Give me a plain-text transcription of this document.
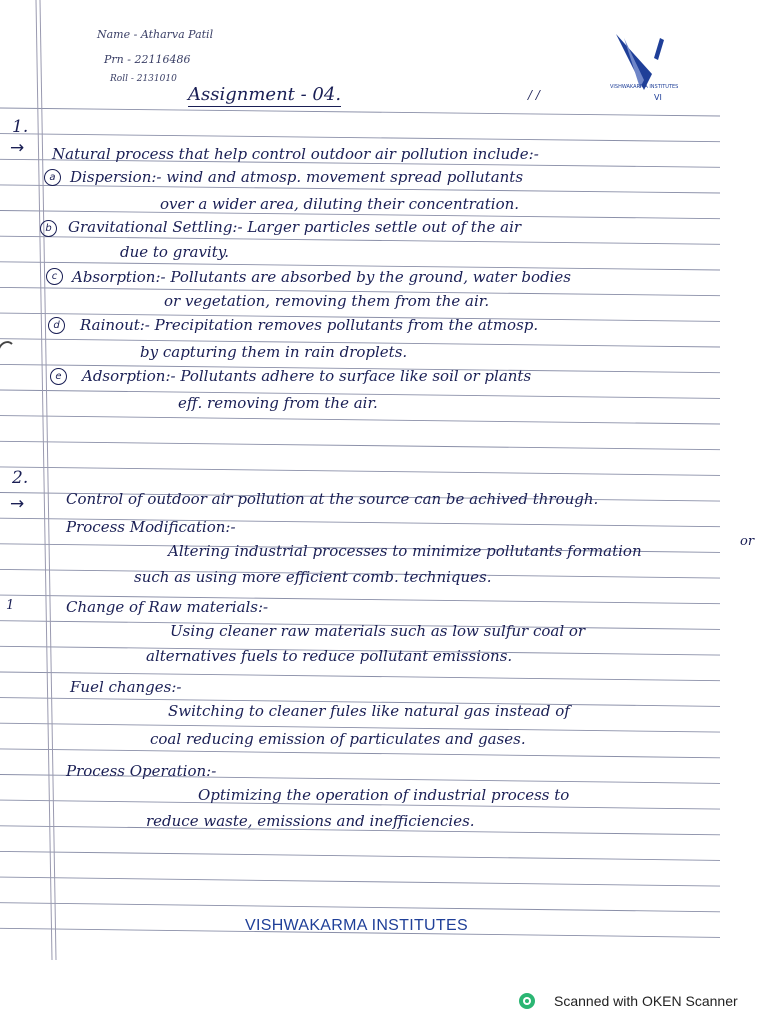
Name - Atharva Patil
Prn - 22116486
Roll - 2131010
Assignment - 04.	/ /
VISHWAKARMA INSTITUTES
VI
1.
→ Natural process that help control outdoor air pollution include:-
a Dispersion:- wind and atmosp. movement spread pollutants
over a wider area, diluting their concentration.
b	Gravitational Settling:- Larger particles settle out of the air
due to gravity.
c Absorption:- Pollutants are absorbed by the ground, water bodies
or vegetation, removing them from the air.
d	Rainout:- Precipitation removes pollutants from the atmosp.
by capturing them in rain droplets.
e	Adsorption:- Pollutants adhere to surface like soil or plants
eff. removing from the air.
2.
→	Control of outdoor air pollution at the source can be achived through.
Process Modification:-
Altering industrial processes to minimize pollutants formation
or
such as using more efficient comb. techniques.
1	Change of Raw materials:-
Using cleaner raw materials such as low sulfur coal or
alternatives fuels to reduce pollutant emissions.
Fuel changes:-
Switching to cleaner fules like natural gas instead of
coal reducing emission of particulates and gases.
Process Operation:-
Optimizing the operation of industrial process to
reduce waste, emissions and inefficiencies.
VISHWAKARMA INSTITUTES
Scanned with OKEN Scanner
